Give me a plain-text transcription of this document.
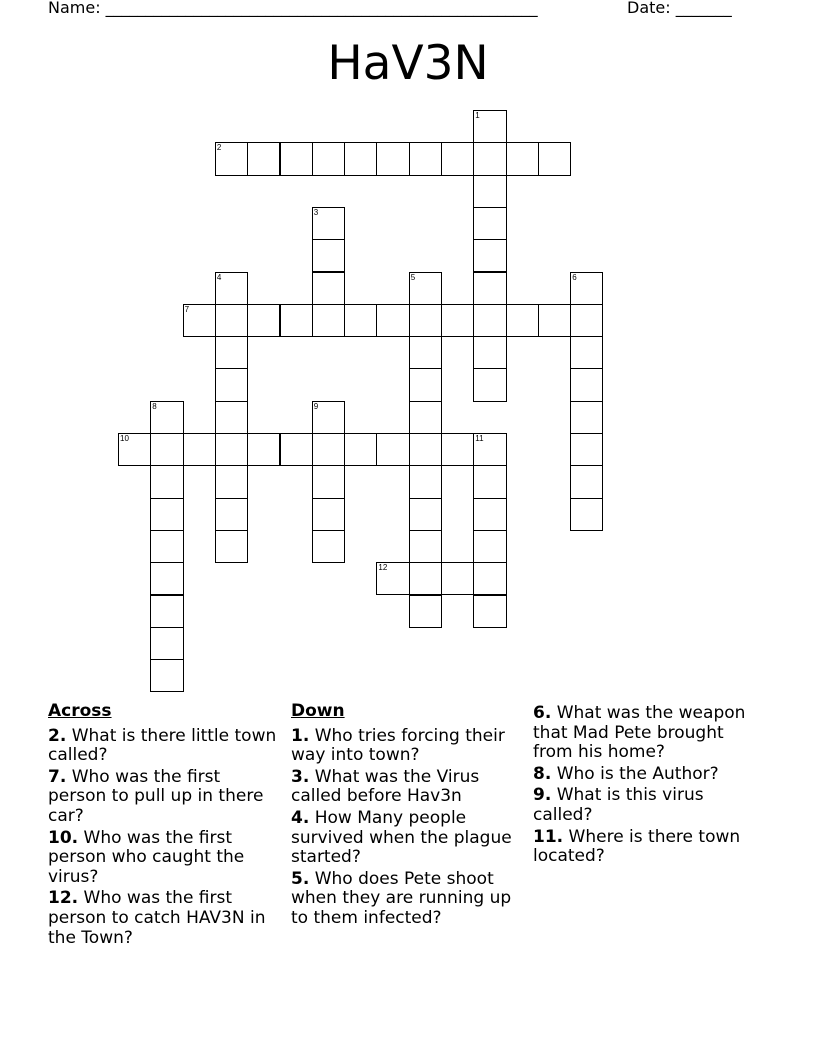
Name: ______________________________________________________	Date: _______
HaV3N
1
2
3
4	5	6
7
8	9
10	11
12
Across
2. What is there little town called?
7. Who was the first person to pull up in there car?
10. Who was the first person who caught the virus?
12. Who was the first person to catch HAV3N in the Town?
Down
1. Who tries forcing their way into town?
3. What was the Virus called before Hav3n
4. How Many people survived when the plague started?
5. Who does Pete shoot when they are running up to them infected?
6. What was the weapon that Mad Pete brought from his home?
8. Who is the Author?
9. What is this virus called?
11. Where is there town located?
